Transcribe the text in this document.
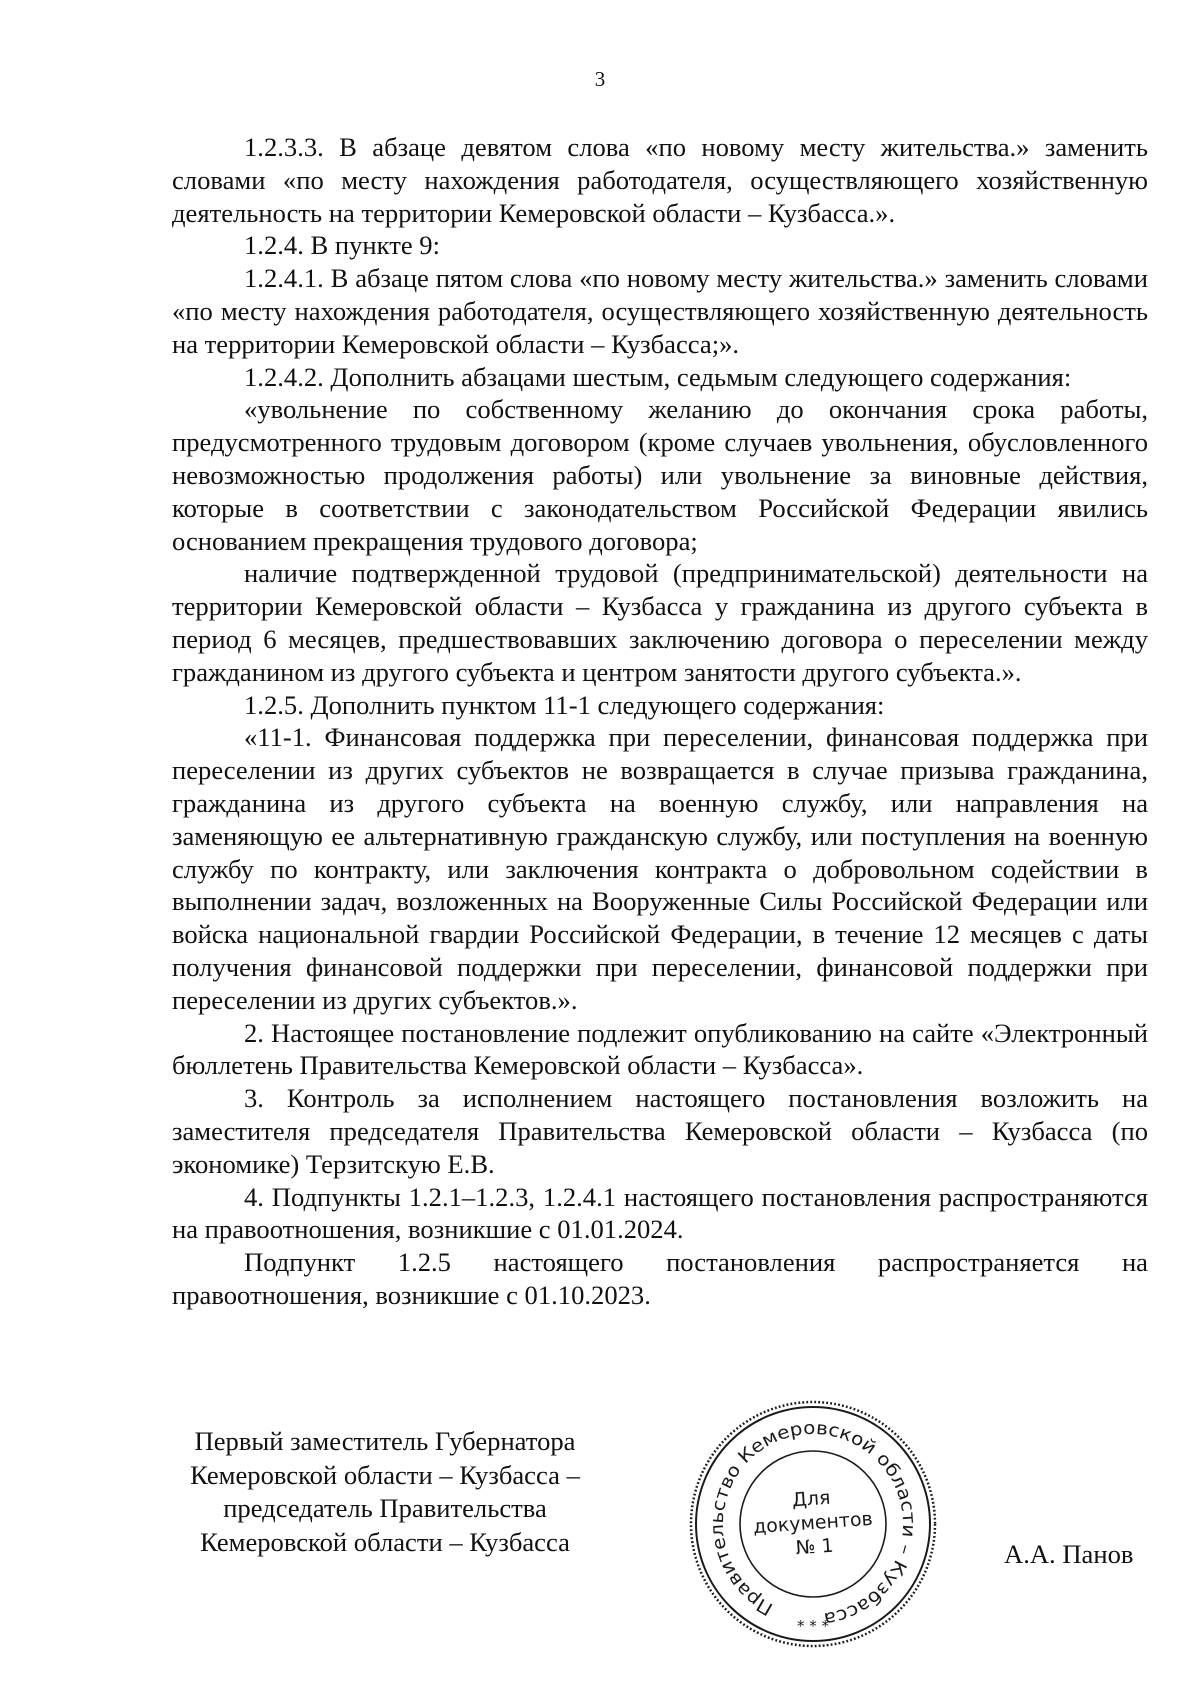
3

1.2.3.3. В абзаце девятом слова «по новому месту жительства.» заменить словами «по месту нахождения работодателя, осуществляющего хозяйственную деятельность на территории Кемеровской области – Кузбасса.».

1.2.4. В пункте 9:

1.2.4.1. В абзаце пятом слова «по новому месту жительства.» заменить словами «по месту нахождения работодателя, осуществляющего хозяйственную деятельность на территории Кемеровской области – Кузбасса;».

1.2.4.2. Дополнить абзацами шестым, седьмым следующего содержания:

«увольнение по собственному желанию до окончания срока работы, предусмотренного трудовым договором (кроме случаев увольнения, обусловленного невозможностью продолжения работы) или увольнение за виновные действия, которые в соответствии с законодательством Российской Федерации явились основанием прекращения трудового договора;

наличие подтвержденной трудовой (предпринимательской) деятельности на территории Кемеровской области – Кузбасса у гражданина из другого субъекта в период 6 месяцев, предшествовавших заключению договора о переселении между гражданином из другого субъекта и центром занятости другого субъекта.».

1.2.5. Дополнить пунктом 11-1 следующего содержания:

«11-1. Финансовая поддержка при переселении, финансовая поддержка при переселении из других субъектов не возвращается в случае призыва гражданина, гражданина из другого субъекта на военную службу, или направления на заменяющую ее альтернативную гражданскую службу, или поступления на военную службу по контракту, или заключения контракта о добровольном содействии в выполнении задач, возложенных на Вооруженные Силы Российской Федерации или войска национальной гвардии Российской Федерации, в течение 12 месяцев с даты получения финансовой поддержки при переселении, финансовой поддержки при переселении из других субъектов.».

2. Настоящее постановление подлежит опубликованию на сайте «Электронный бюллетень Правительства Кемеровской области – Кузбасса».

3. Контроль за исполнением настоящего постановления возложить на заместителя председателя Правительства Кемеровской области – Кузбасса (по экономике) Терзитскую Е.В.

4. Подпункты 1.2.1–1.2.3, 1.2.4.1 настоящего постановления распространяются на правоотношения, возникшие с 01.01.2024.

Подпункт 1.2.5 настоящего постановления распространяется на правоотношения, возникшие с 01.10.2023.

Первый заместитель Губернатора
Кемеровской области – Кузбасса –
председатель Правительства
Кемеровской области – Кузбасса
Правительство Кемеровской области – Кузбасса
* * *
Для
документов
№ 1	А.А. Панов
